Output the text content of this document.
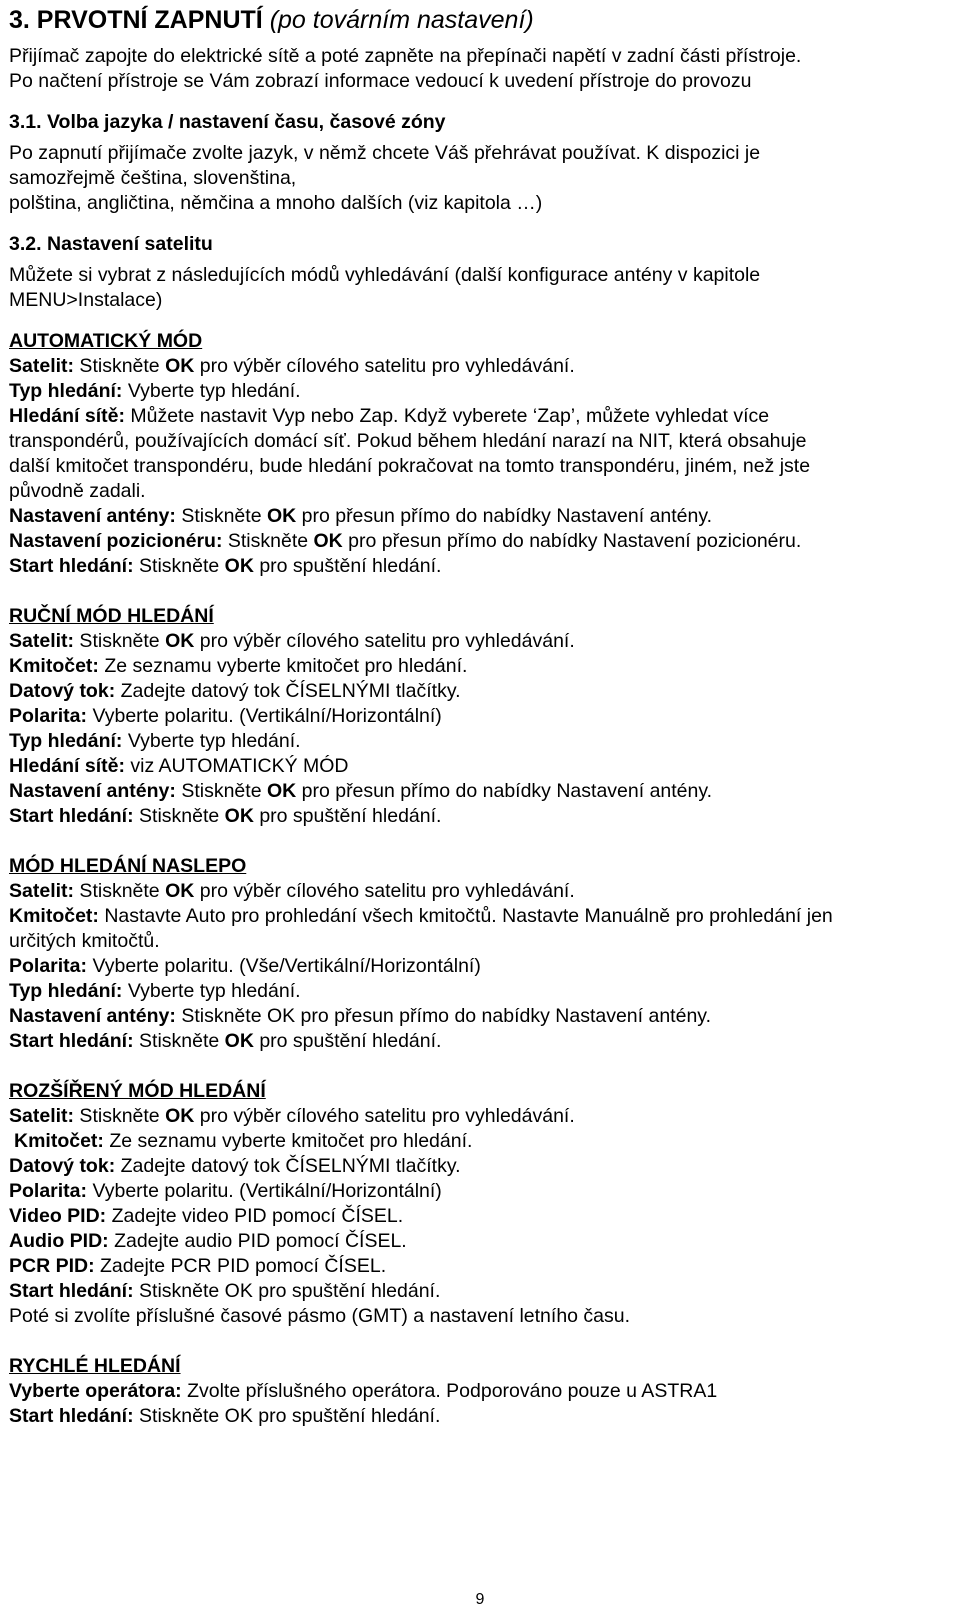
3. PRVOTNÍ ZAPNUTÍ (po továrním nastavení)

Přijímač zapojte do elektrické sítě a poté zapněte na přepínači napětí v zadní části přístroje.

Po načtení přístroje se Vám zobrazí informace vedoucí k uvedení přístroje do provozu

3.1. Volba jazyka / nastavení času, časové zóny

Po zapnutí přijímače zvolte jazyk, v němž chcete Váš přehrávat používat. K dispozici je

samozřejmě čeština, slovenština,

polština, angličtina, němčina a mnoho dalších (viz kapitola …)

3.2. Nastavení satelitu

Můžete si vybrat z následujících módů vyhledávání (další konfigurace antény v kapitole

MENU>Instalace)

AUTOMATICKÝ MÓD

Satelit: Stiskněte OK pro výběr cílového satelitu pro vyhledávání.

Typ hledání: Vyberte typ hledání.

Hledání sítě: Můžete nastavit Vyp nebo Zap. Když vyberete ‘Zap’, můžete vyhledat více

transpondérů, používajících domácí síť. Pokud během hledání narazí na NIT, která obsahuje

další kmitočet transpondéru, bude hledání pokračovat na tomto transpondéru, jiném, než jste

původně zadali.

Nastavení antény: Stiskněte OK pro přesun přímo do nabídky Nastavení antény.

Nastavení pozicionéru: Stiskněte OK pro přesun přímo do nabídky Nastavení pozicionéru.

Start hledání: Stiskněte OK pro spuštění hledání.

RUČNÍ MÓD HLEDÁNÍ

Satelit: Stiskněte OK pro výběr cílového satelitu pro vyhledávání.

Kmitočet: Ze seznamu vyberte kmitočet pro hledání.

Datový tok: Zadejte datový tok ČÍSELNÝMI tlačítky.

Polarita: Vyberte polaritu. (Vertikální/Horizontální)

Typ hledání: Vyberte typ hledání.

Hledání sítě: viz AUTOMATICKÝ MÓD

Nastavení antény: Stiskněte OK pro přesun přímo do nabídky Nastavení antény.

Start hledání: Stiskněte OK pro spuštění hledání.

MÓD HLEDÁNÍ NASLEPO

Satelit: Stiskněte OK pro výběr cílového satelitu pro vyhledávání.

Kmitočet: Nastavte Auto pro prohledání všech kmitočtů. Nastavte Manuálně pro prohledání jen

určitých kmitočtů.

Polarita: Vyberte polaritu. (Vše/Vertikální/Horizontální)

Typ hledání: Vyberte typ hledání.

Nastavení antény: Stiskněte OK pro přesun přímo do nabídky Nastavení antény.

Start hledání: Stiskněte OK pro spuštění hledání.

ROZŠÍŘENÝ MÓD HLEDÁNÍ

Satelit: Stiskněte OK pro výběr cílového satelitu pro vyhledávání.

Kmitočet: Ze seznamu vyberte kmitočet pro hledání.

Datový tok: Zadejte datový tok ČÍSELNÝMI tlačítky.

Polarita: Vyberte polaritu. (Vertikální/Horizontální)

Video PID: Zadejte video PID pomocí ČÍSEL.

Audio PID: Zadejte audio PID pomocí ČÍSEL.

PCR PID: Zadejte PCR PID pomocí ČÍSEL.

Start hledání: Stiskněte OK pro spuštění hledání.

Poté si zvolíte příslušné časové pásmo (GMT) a nastavení letního času.

RYCHLÉ HLEDÁNÍ

Vyberte operátora: Zvolte příslušného operátora. Podporováno pouze u ASTRA1

Start hledání: Stiskněte OK pro spuštění hledání.

9
